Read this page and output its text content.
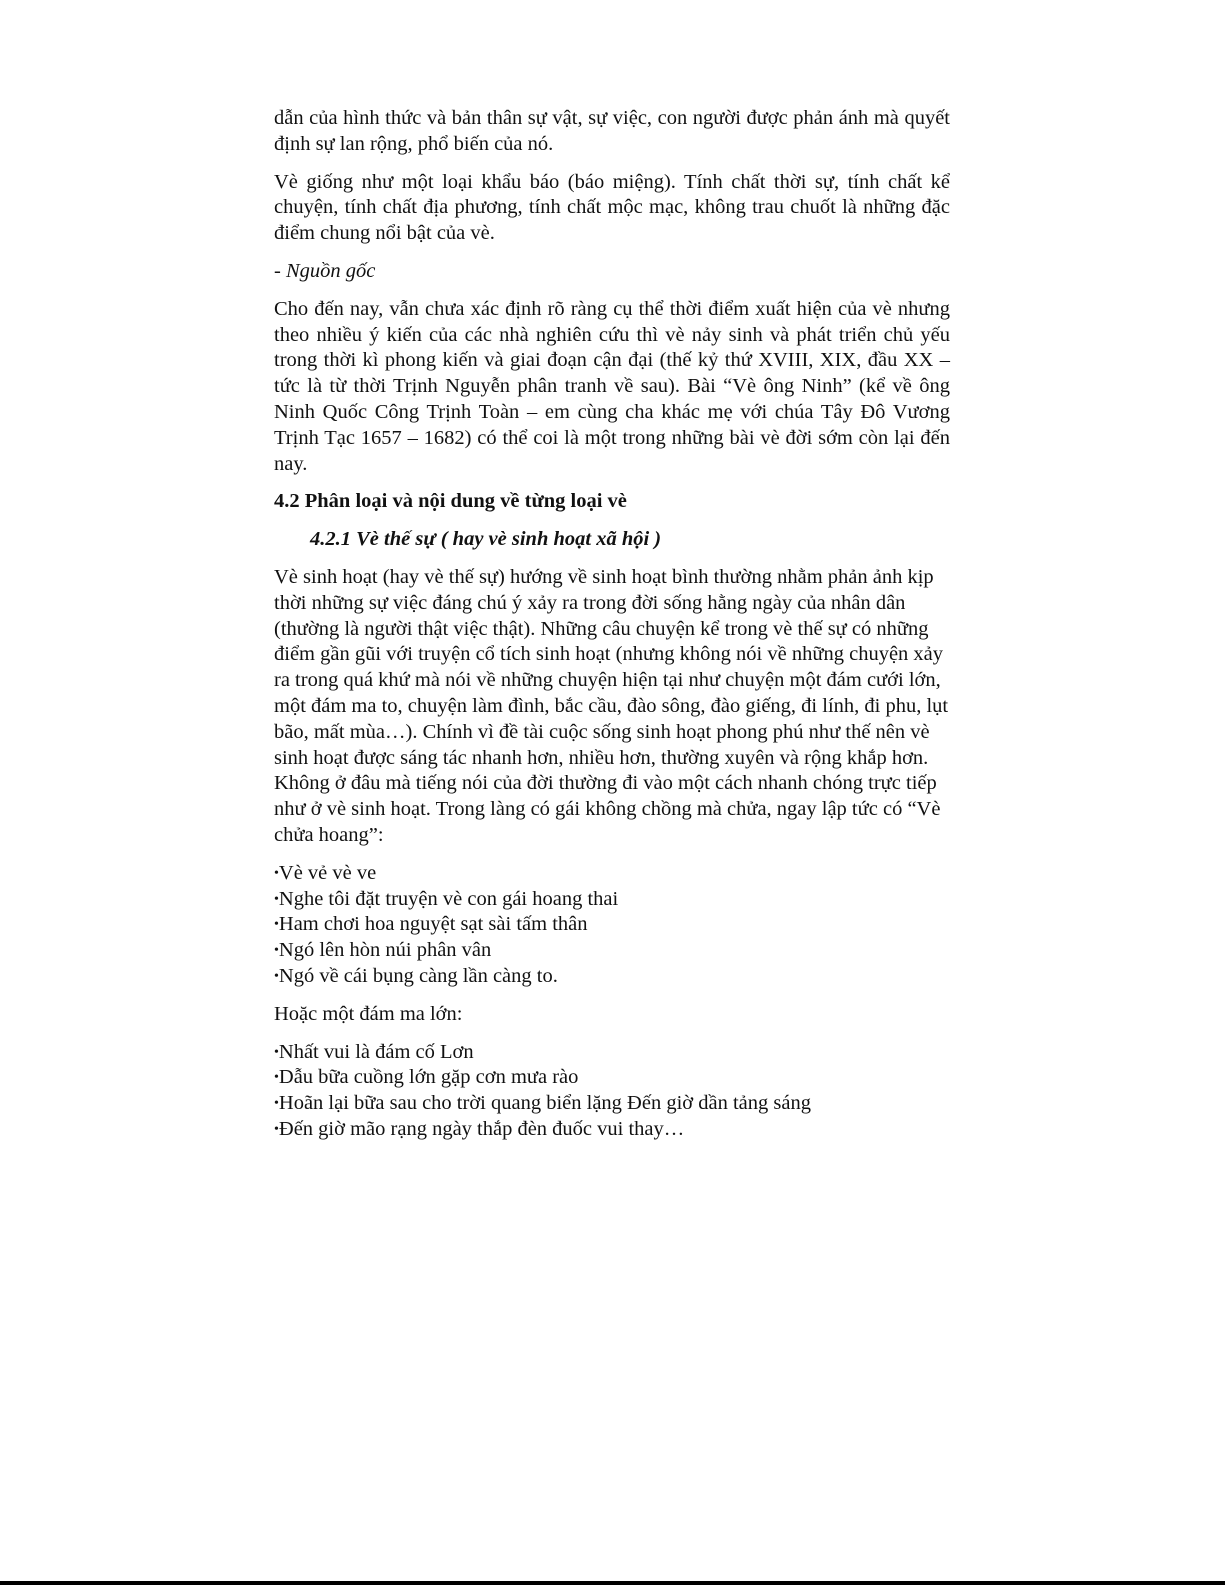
dẫn của hình thức và bản thân sự vật, sự việc, con người được phản ánh mà quyết định sự lan rộng, phổ biến của nó.

Vè giống như một loại khẩu báo (báo miệng). Tính chất thời sự, tính chất kể chuyện, tính chất địa phương, tính chất mộc mạc, không trau chuốt là những đặc điểm chung nổi bật của vè.

- Nguồn gốc

Cho đến nay, vẫn chưa xác định rõ ràng cụ thể thời điểm xuất hiện của vè nhưng theo nhiều ý kiến của các nhà nghiên cứu thì vè nảy sinh và phát triển chủ yếu trong thời kì phong kiến và giai đoạn cận đại (thế kỷ thứ XVIII, XIX, đầu XX – tức là từ thời Trịnh Nguyễn phân tranh về sau). Bài “Vè ông Ninh” (kể về ông Ninh Quốc Công Trịnh Toàn – em cùng cha khác mẹ với chúa Tây Đô Vương Trịnh Tạc 1657 – 1682) có thể coi là một trong những bài vè đời sớm còn lại đến nay.

4.2 Phân loại và nội dung về từng loại vè

4.2.1 Vè thế sự ( hay vè sinh hoạt xã hội )

Vè sinh hoạt (hay vè thế sự) hướng về sinh hoạt bình thường nhằm phản ảnh kịp thời những sự việc đáng chú ý xảy ra trong đời sống hằng ngày của nhân dân (thường là người thật việc thật). Những câu chuyện kể trong vè thế sự có những điểm gần gũi với truyện cổ tích sinh hoạt (nhưng không nói về những chuyện xảy ra trong quá khứ mà nói về những chuyện hiện tại như chuyện một đám cưới lớn, một đám ma to, chuyện làm đình, bắc cầu, đào sông, đào giếng, đi lính, đi phu, lụt bão, mất mùa…). Chính vì đề tài cuộc sống sinh hoạt phong phú như thế nên vè sinh hoạt được sáng tác nhanh hơn, nhiều hơn, thường xuyên và rộng khắp hơn. Không ở đâu mà tiếng nói của đời thường đi vào một cách nhanh chóng trực tiếp như ở vè sinh hoạt. Trong làng có gái không chồng mà chửa, ngay lập tức có “Vè chửa hoang”:

•Vè vẻ vè ve
•Nghe tôi đặt truyện vè con gái hoang thai
•Ham chơi hoa nguyệt sạt sài tấm thân
•Ngó lên hòn núi phân vân
•Ngó về cái bụng càng lần càng to.

Hoặc một đám ma lớn:

•Nhất vui là đám cố Lơn
•Dẫu bữa cuồng lớn gặp cơn mưa rào
•Hoãn lại bữa sau cho trời quang biển lặng Đến giờ dần tảng sáng
•Đến giờ mão rạng ngày thắp đèn đuốc vui thay…
